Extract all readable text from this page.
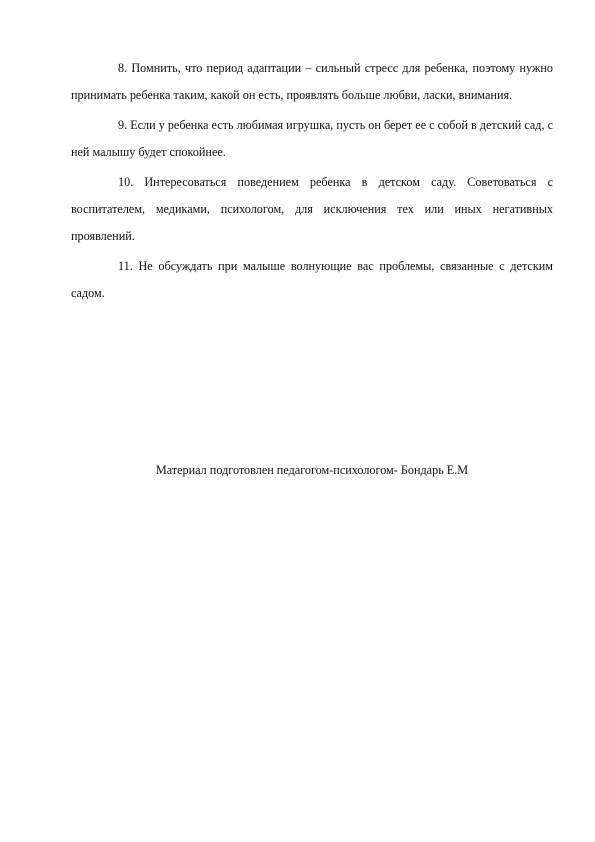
8. Помнить, что период адаптации – сильный стресс для ребенка, поэтому нужно принимать ребенка таким, какой он есть, проявлять больше любви, ласки, внимания.

9. Если у ребенка есть любимая игрушка, пусть он берет ее с собой в детский сад, с ней малышу будет спокойнее.

10. Интересоваться поведением ребенка в детском саду. Советоваться с воспитателем, медиками, психологом, для исключения тех или иных негативных проявлений.

11. Не обсуждать при малыше волнующие вас проблемы, связанные с детским садом.

Материал подготовлен педагогом-психологом- Бондарь Е.М
